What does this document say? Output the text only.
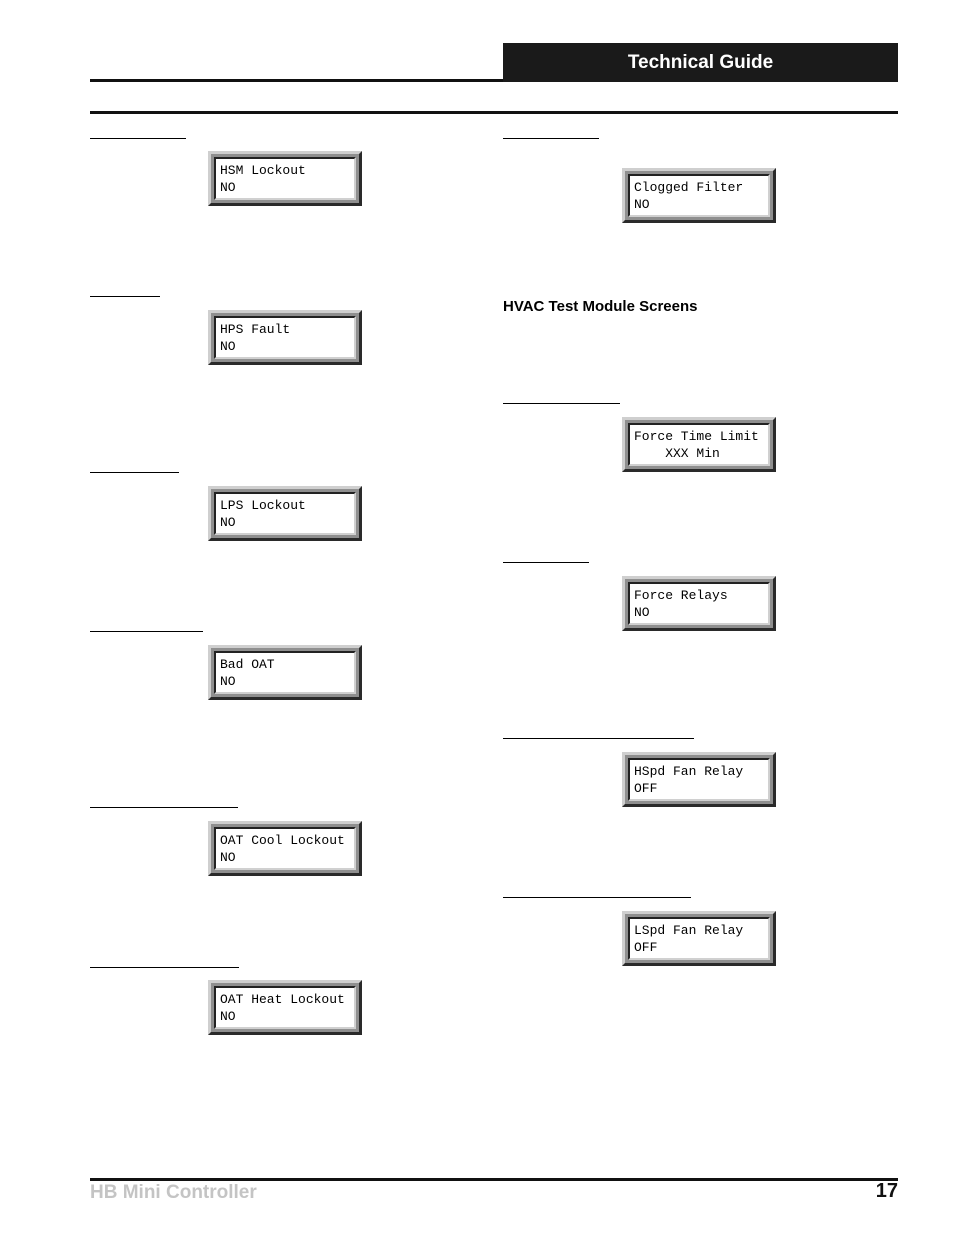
Technical Guide
HSM Lockout
NO
HPS Fault
NO
LPS Lockout
NO
Bad OAT
NO
OAT Cool Lockout
NO
OAT Heat Lockout
NO
Clogged Filter
NO
HVAC Test Module Screens
Force Time Limit
XXX Min
Force Relays
NO
HSpd Fan Relay
OFF
LSpd Fan Relay
OFF
HB Mini Controller	17
